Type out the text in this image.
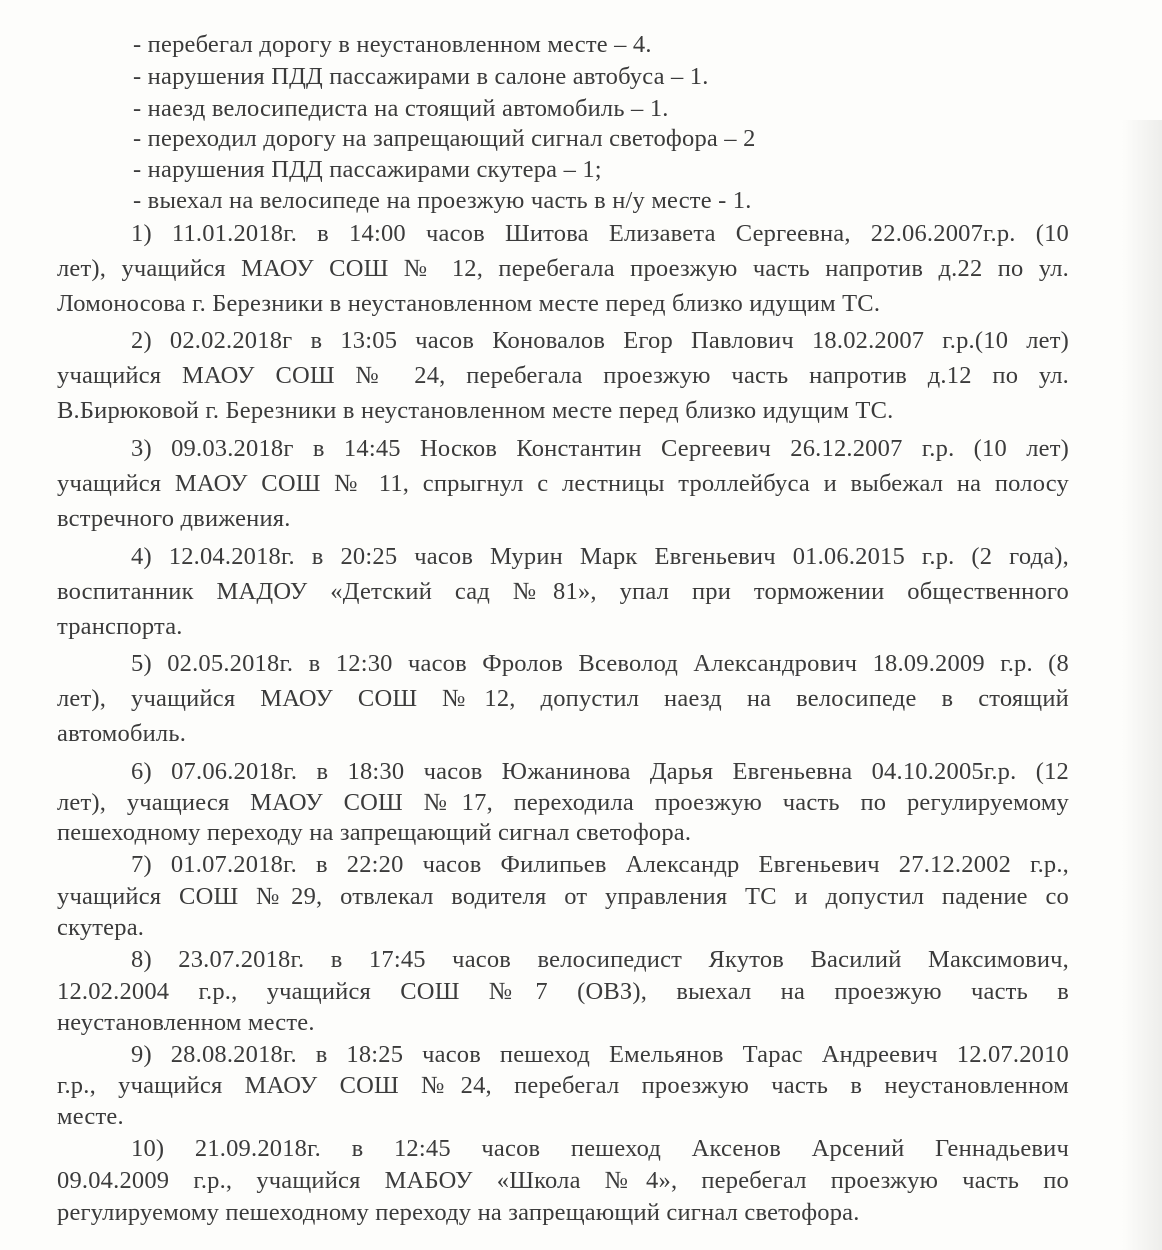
- перебегал дорогу в неустановленном месте – 4.

- нарушения ПДД пассажирами в салоне автобуса – 1.

- наезд велосипедиста на стоящий автомобиль – 1.

- переходил дорогу на запрещающий сигнал светофора – 2

- нарушения ПДД пассажирами скутера – 1;

- выехал на велосипеде на проезжую часть в н/у месте - 1.

1) 11.01.2018г. в 14:00 часов Шитова Елизавета Сергеевна, 22.06.2007г.р. (10

лет), учащийся МАОУ СОШ № 12, перебегала проезжую часть напротив д.22 по ул.

Ломоносова г. Березники в неустановленном месте перед близко идущим ТС.

2) 02.02.2018г в 13:05 часов Коновалов Егор Павлович 18.02.2007 г.р.(10 лет)

учащийся МАОУ СОШ № 24, перебегала проезжую часть напротив д.12 по ул.

В.Бирюковой г. Березники в неустановленном месте перед близко идущим ТС.

3) 09.03.2018г в 14:45 Носков Константин Сергеевич 26.12.2007 г.р. (10 лет)

учащийся МАОУ СОШ № 11, спрыгнул с лестницы троллейбуса и выбежал на полосу

встречного движения.

4) 12.04.2018г. в 20:25 часов Мурин Марк Евгеньевич 01.06.2015 г.р. (2 года),

воспитанник МАДОУ «Детский сад №81», упал при торможении общественного

транспорта.

5) 02.05.2018г. в 12:30 часов Фролов Всеволод Александрович 18.09.2009 г.р. (8

лет), учащийся МАОУ СОШ №12, допустил наезд на велосипеде в стоящий

автомобиль.

6) 07.06.2018г. в 18:30 часов Южанинова Дарья Евгеньевна 04.10.2005г.р. (12

лет), учащиеся МАОУ СОШ №17, переходила проезжую часть по регулируемому

пешеходному переходу на запрещающий сигнал светофора.

7) 01.07.2018г. в 22:20 часов Филипьев Александр Евгеньевич 27.12.2002 г.р.,

учащийся СОШ №29, отвлекал водителя от управления ТС и допустил падение со

скутера.

8) 23.07.2018г. в 17:45 часов велосипедист Якутов Василий Максимович,

12.02.2004 г.р., учащийся СОШ №7 (ОВЗ), выехал на проезжую часть в

неустановленном месте.

9) 28.08.2018г. в 18:25 часов пешеход Емельянов Тарас Андреевич 12.07.2010

г.р., учащийся МАОУ СОШ №24, перебегал проезжую часть в неустановленном

месте.

10) 21.09.2018г. в 12:45 часов пешеход Аксенов Арсений Геннадьевич

09.04.2009 г.р., учащийся МАБОУ «Школа №4», перебегал проезжую часть по

регулируемому пешеходному переходу на запрещающий сигнал светофора.
